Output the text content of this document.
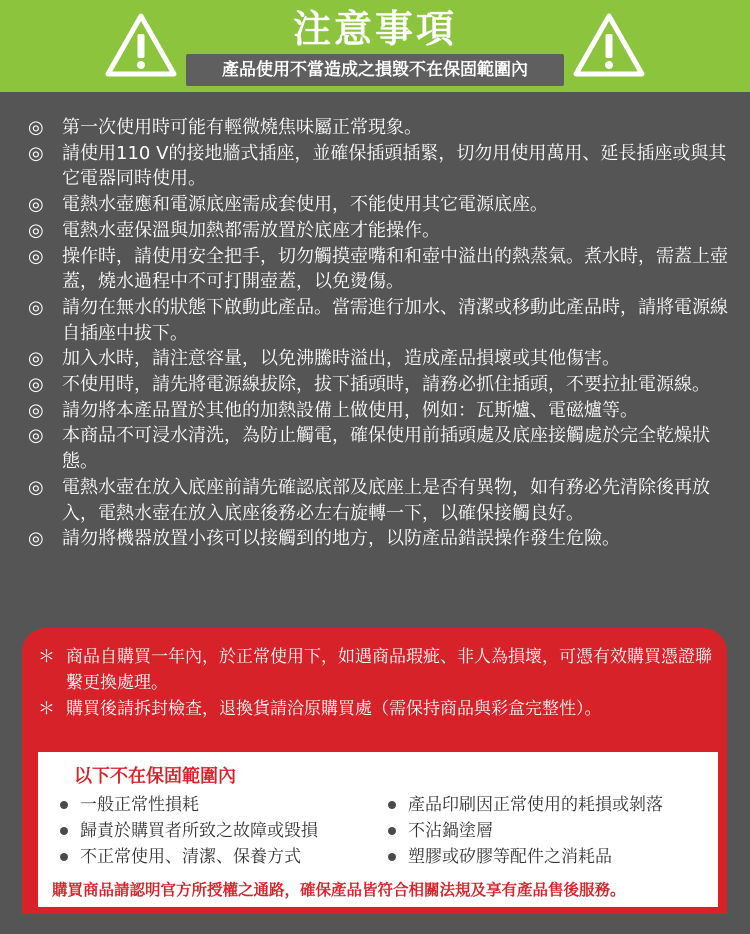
注意事項
產品使用不當造成之損毀不在保固範圍內
◎	第一次使用時可能有輕微燒焦味屬正常現象。
◎	請使用110 V的接地牆式插座，並確保插頭插緊，切勿用使用萬用、延長插座或與其它電器同時使用。
◎	電熱水壺應和電源底座需成套使用，不能使用其它電源底座。
◎	電熱水壺保溫與加熱都需放置於底座才能操作。
◎	操作時，請使用安全把手，切勿觸摸壺嘴和和壺中溢出的熱蒸氣。煮水時，需蓋上壺蓋，燒水過程中不可打開壺蓋，以免燙傷。
◎	請勿在無水的狀態下啟動此產品。當需進行加水、清潔或移動此產品時，請將電源線自插座中拔下。
◎	加入水時，請注意容量，以免沸騰時溢出，造成產品損壞或其他傷害。
◎	不使用時，請先將電源線拔除，拔下插頭時，請務必抓住插頭，不要拉扯電源線。
◎	請勿將本產品置於其他的加熱設備上做使用，例如：瓦斯爐、電磁爐等。
◎	本商品不可浸水清洗，為防止觸電，確保使用前插頭處及底座接觸處於完全乾燥狀態。
◎	電熱水壺在放入底座前請先確認底部及底座上是否有異物，如有務必先清除後再放入，電熱水壺在放入底座後務必左右旋轉一下，以確保接觸良好。
◎	請勿將機器放置小孩可以接觸到的地方，以防產品錯誤操作發生危險。
＊ 商品自購買一年內，於正常使用下，如遇商品瑕疵、非人為損壞，可憑有效購買憑證聯繫更換處理。
＊ 購買後請拆封檢查，退換貨請洽原購買處（需保持商品與彩盒完整性）。
以下不在保固範圍內
一般正常性損耗
歸責於購買者所致之故障或毀損
不正常使用、清潔、保養方式
產品印刷因正常使用的耗損或剝落
不沾鍋塗層
塑膠或矽膠等配件之消耗品
購買商品請認明官方所授權之通路，確保產品皆符合相關法規及享有產品售後服務。
